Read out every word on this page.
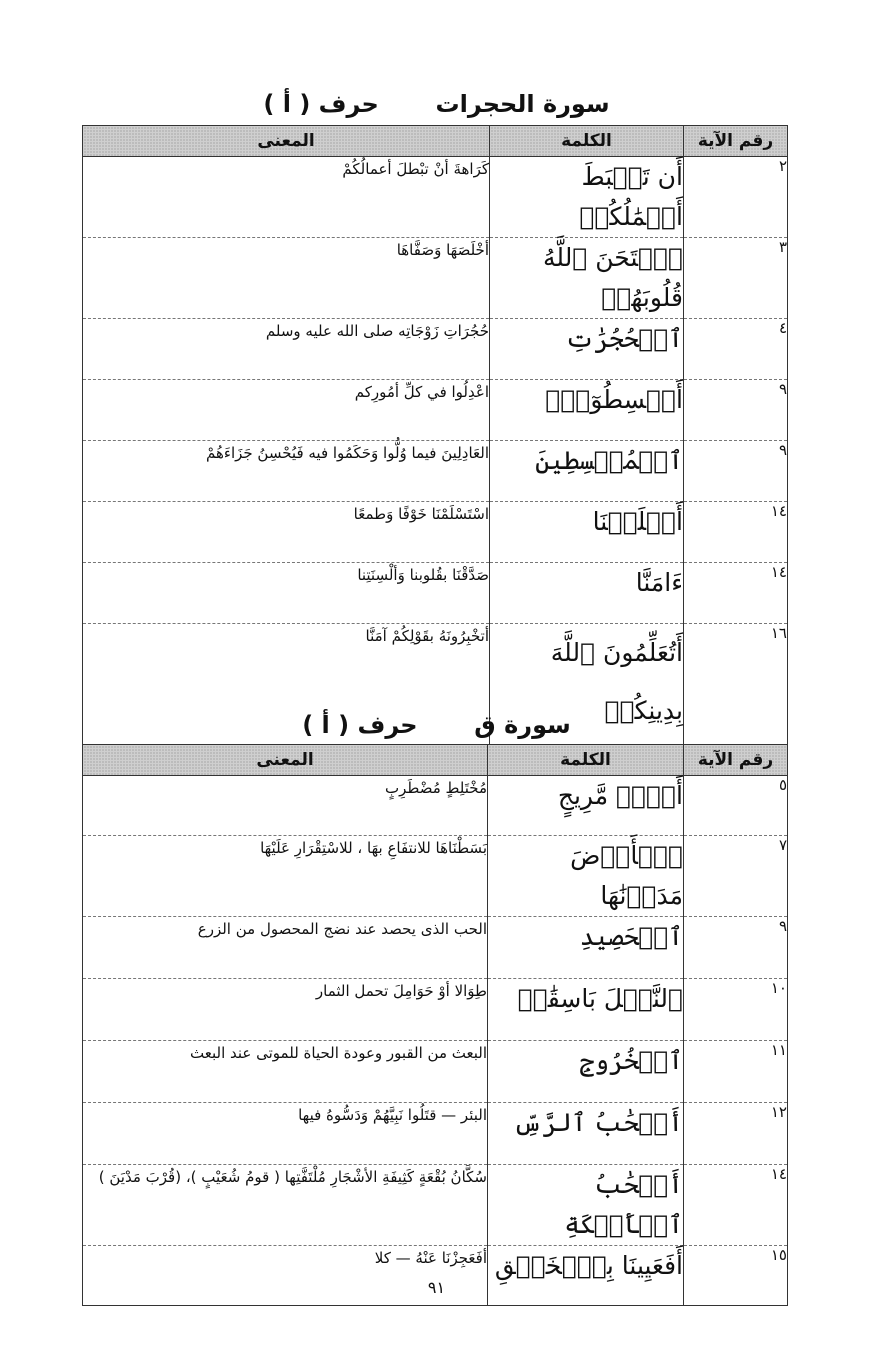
سورة الحجرات  حرف ( أ )
رقم الآية	الكلمة	المعنى
٢	أَن تَحۡبَطَ أَعۡمَٰلُكُمۡ	كَرَاهةَ أنْ تبْطلَ أعمالُكُمْ
٣	ٱمۡتَحَنَ ٱللَّهُ قُلُوبَهُمۡ	أخْلَصَهَا وَصَفَّاهَا
٤	ٱلۡحُجُرَٰتِ	حُجُرَاتِ زَوْجَاتِه صلى الله عليه وسلم
٩	أَقۡسِطُوٓاْۖ	اعْدِلُوا في كلِّ أمُورِكم
٩	ٱلۡمُقۡسِطِينَ	العَادِلِينَ فيما وُلُّوا وَحَكَمُوا فيه فَيُحْسِنُ جَزَاءَهُمْ
١٤	أَسۡلَمۡنَا	اسْتَسْلَمْنَا خَوْفًا وَطمعًا
١٤	ءَامَنَّا	صَدَّقْنَا بقُلوبنا وَألْسِنَتِنا
١٦	أَتُعَلِّمُونَ ٱللَّهَ بِدِينِكُمۡ	أتخْبِرُونَهُ بقَوْلِكُمْ آمَنَّا
سورة ق  حرف ( أ )
رقم الآية	الكلمة	المعنى
٥	أَمۡرٖ مَّرِيجٍ	مُخْتَلِطٍ مُضْطَرِبٍ
٧	ٱلۡأَرۡضَ مَدَدۡنَٰهَا	بَسَطْنَاهَا للانتفَاعِ بهَا ، للاسْتِقْرَارِ عَلَيْهَا
٩	ٱلۡحَصِيدِ	الحب الذى يحصد عند نضج المحصول من الزرع
١٠	ٱلنَّخۡلَ بَاسِقَٰتٖ	طِوَالا أوْ حَوَامِلَ تحمل الثمار
١١	ٱلۡخُرُوجِ	البعث من القبور وعودة الحياة للموتى عند البعث
١٢	أَصۡحَٰبُ ٱلرَّسِّ	البئر — قتَلُوا نَبِيَّهُمْ وَدَسُّوهُ فيها
١٤	أَصۡحَٰبُ ٱلۡأَيۡكَةِ	سُكَّانُ بُقْعَةٍ كَثِيفَةِ الأشْجَارِ مُلْتَفَّتِها ( قومُ شُعَيْبٍ )، (قُرْبَ مَدْيَنَ )
١٥	أَفَعَيِينَا بِٱلۡخَلۡقِ	أفَعَجِزْنَا عَنْهُ — كلا
٩١
